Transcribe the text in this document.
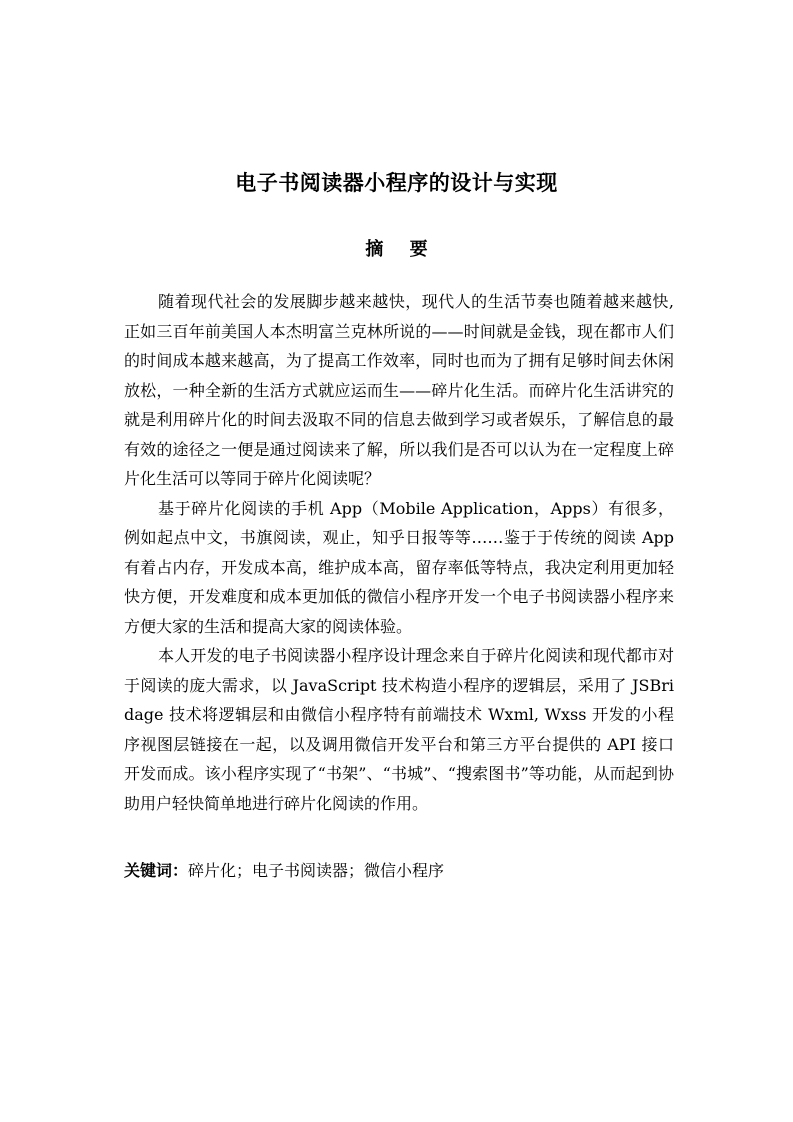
电子书阅读器小程序的设计与实现
摘 要

随着现代社会的发展脚步越来越快，现代人的生活节奏也随着越来越快,正如三百年前美国人本杰明富兰克林所说的——时间就是金钱，现在都市人们的时间成本越来越高，为了提高工作效率，同时也而为了拥有足够时间去休闲放松，一种全新的生活方式就应运而生——碎片化生活。而碎片化生活讲究的就是利用碎片化的时间去汲取不同的信息去做到学习或者娱乐，了解信息的最有效的途径之一便是通过阅读来了解，所以我们是否可以认为在一定程度上碎片化生活可以等同于碎片化阅读呢？

基于碎片化阅读的手机 App（Mobile Application，Apps）有很多，例如起点中文，书旗阅读，观止，知乎日报等等……鉴于于传统的阅读 App 有着占内存，开发成本高，维护成本高，留存率低等特点，我决定利用更加轻快方便，开发难度和成本更加低的微信小程序开发一个电子书阅读器小程序来方便大家的生活和提高大家的阅读体验。

本人开发的电子书阅读器小程序设计理念来自于碎片化阅读和现代都市对于阅读的庞大需求，以 JavaScript 技术构造小程序的逻辑层，采用了 JSBridage 技术将逻辑层和由微信小程序特有前端技术 Wxml, Wxss 开发的小程序视图层链接在一起，以及调用微信开发平台和第三方平台提供的 API 接口开发而成。该小程序实现了“书架”、“书城”、“搜索图书”等功能，从而起到协助用户轻快简单地进行碎片化阅读的作用。

关键词：碎片化；电子书阅读器；微信小程序
